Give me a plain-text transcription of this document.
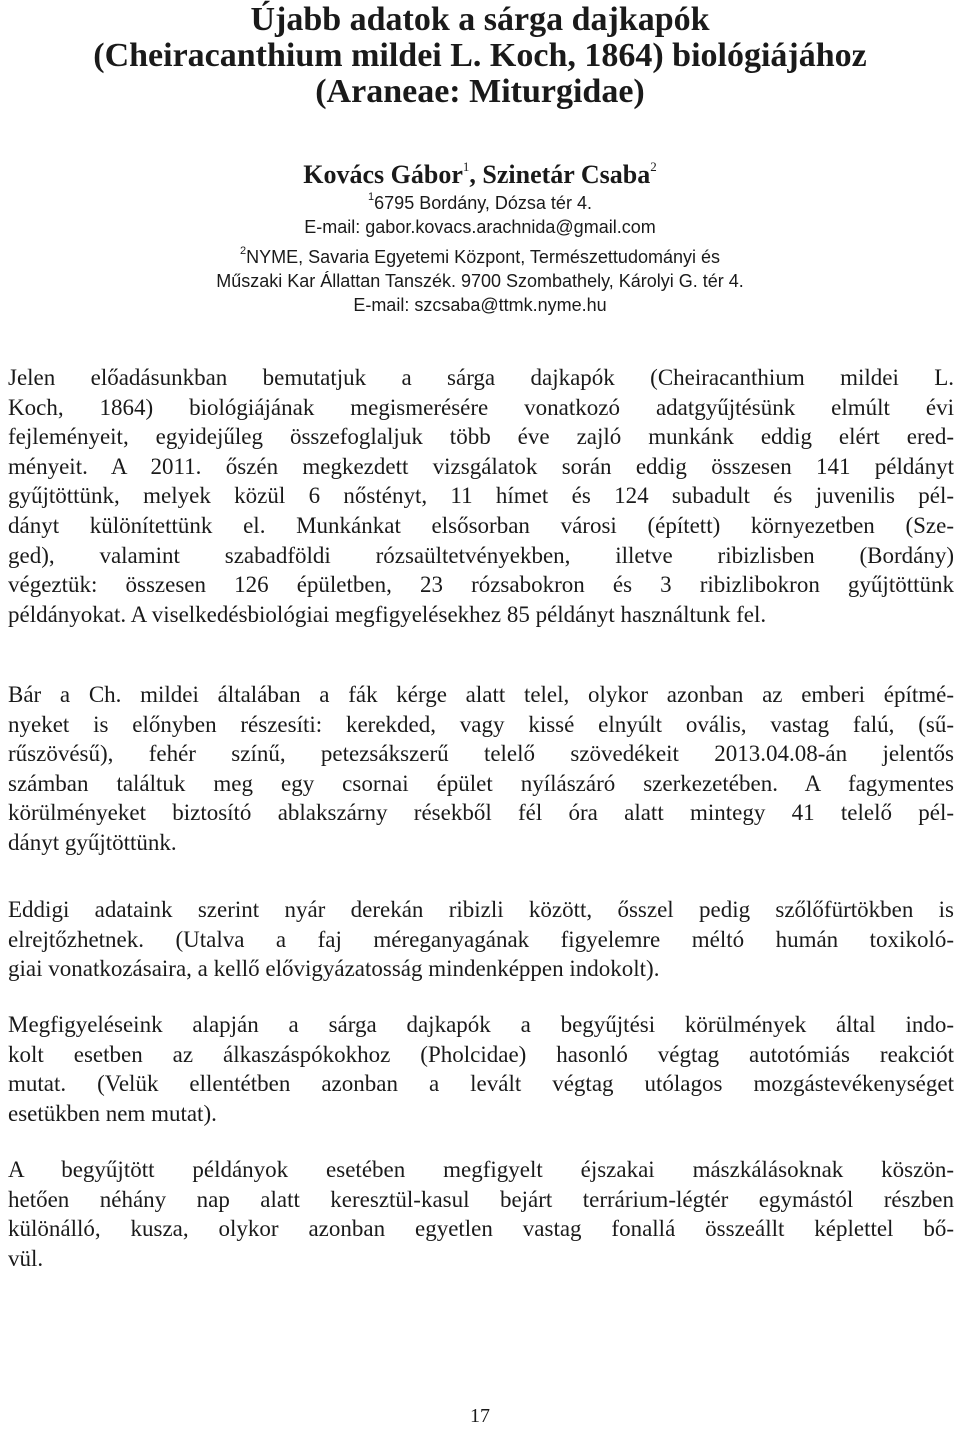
Újabb adatok a sárga dajkapók
(Cheiracanthium mildei L. Koch, 1864) biológiájához
(Araneae: Miturgidae)
Kovács Gábor$^1$, Szinetár Csaba$^2$
$^1$6795 Bordány, Dózsa tér 4.
E-mail: gabor.kovacs.arachnida@gmail.com
$^2$NYME, Savaria Egyetemi Központ, Természettudományi és
Műszaki Kar Állattan Tanszék. 9700 Szombathely, Károlyi G. tér 4.
E-mail: szcsaba@ttmk.nyme.hu

Jelen előadásunkban bemutatjuk a sárga dajkapók (Cheiracanthium mildei L.
Koch, 1864) biológiájának megismerésére vonatkozó adatgyűjtésünk elmúlt évi
fejleményeit, egyidejűleg összefoglaljuk több éve zajló munkánk eddig elért ered-
ményeit. A 2011. őszén megkezdett vizsgálatok során eddig összesen 141 példányt
gyűjtöttünk, melyek közül 6 nőstényt, 11 hímet és 124 subadult és juvenilis pél-
dányt különítettünk el. Munkánkat elsősorban városi (épített) környezetben (Sze-
ged), valamint szabadföldi rózsaültetvényekben, illetve ribizlisben (Bordány)
végeztük: összesen 126 épületben, 23 rózsabokron és 3 ribizlibokron gyűjtöttünk
példányokat. A viselkedésbiológiai megfigyelésekhez 85 példányt használtunk fel.

Bár a Ch. mildei általában a fák kérge alatt telel, olykor azonban az emberi építmé-
nyeket is előnyben részesíti: kerekded, vagy kissé elnyúlt ovális, vastag falú, (sű-
rűszövésű), fehér színű, petezsákszerű telelő szövedékeit 2013.04.08-án jelentős
számban találtuk meg egy csornai épület nyílászáró szerkezetében. A fagymentes
körülményeket biztosító ablakszárny résekből fél óra alatt mintegy 41 telelő pél-
dányt gyűjtöttünk.

Eddigi adataink szerint nyár derekán ribizli között, ősszel pedig szőlőfürtökben is
elrejtőzhetnek. (Utalva a faj méreganyagának figyelemre méltó humán toxikoló-
giai vonatkozásaira, a kellő elővigyázatosság mindenképpen indokolt).

Megfigyeléseink alapján a sárga dajkapók a begyűjtési körülmények által indo-
kolt esetben az álkaszáspókokhoz (Pholcidae) hasonló végtag autotómiás reakciót
mutat. (Velük ellentétben azonban a levált végtag utólagos mozgástevékenységet
esetükben nem mutat).

A begyűjtött példányok esetében megfigyelt éjszakai mászkálásoknak köszön-
hetően néhány nap alatt keresztül-kasul bejárt terrárium-légtér egymástól részben
különálló, kusza, olykor azonban egyetlen vastag fonallá összeállt képlettel bő-
vül.

17
